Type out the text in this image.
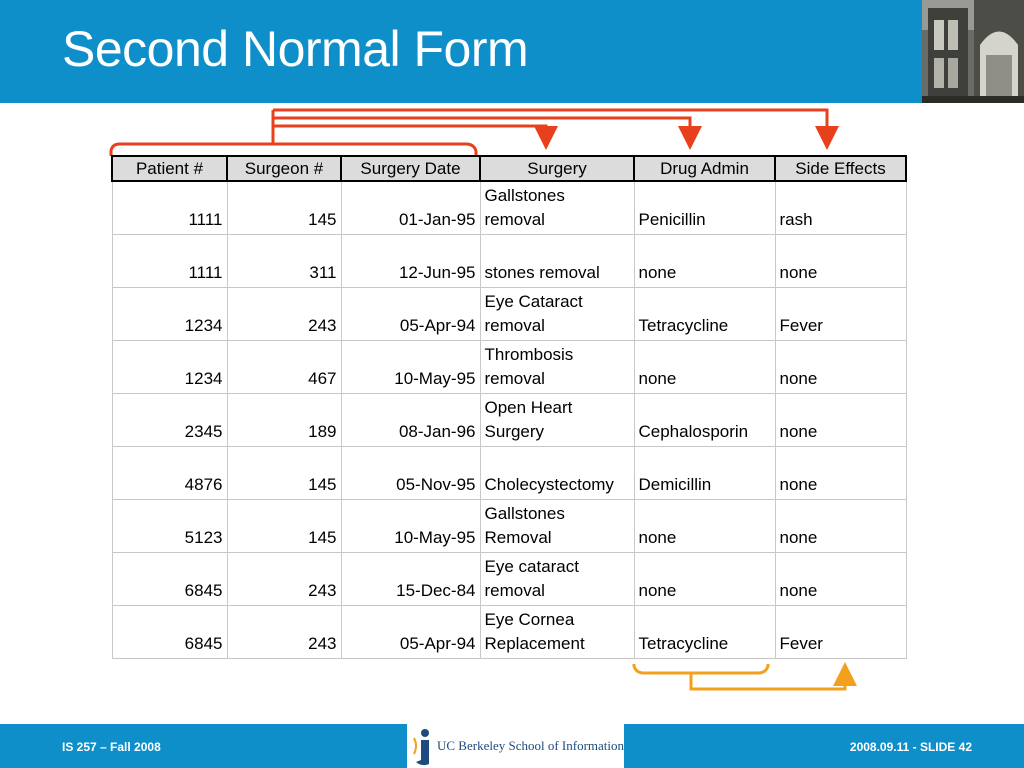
Second Normal Form
Patient #	Surgeon #	Surgery Date	Surgery	Drug Admin	Side Effects
1111	145	01-Jan-95	Gallstones removal	Penicillin	rash
1111	311	12-Jun-95	stones removal	none	none
1234	243	05-Apr-94	Eye Cataract removal	Tetracycline	Fever
1234	467	10-May-95	Thrombosis removal	none	none
2345	189	08-Jan-96	Open Heart Surgery	Cephalosporin	none
4876	145	05-Nov-95	Cholecystectomy	Demicillin	none
5123	145	10-May-95	Gallstones Removal	none	none
6845	243	15-Dec-84	Eye cataract removal	none	none
6845	243	05-Apr-94	Eye Cornea Replacement	Tetracycline	Fever
IS 257 – Fall 2008	2008.09.11 - SLIDE 42
UC Berkeley School of Information
